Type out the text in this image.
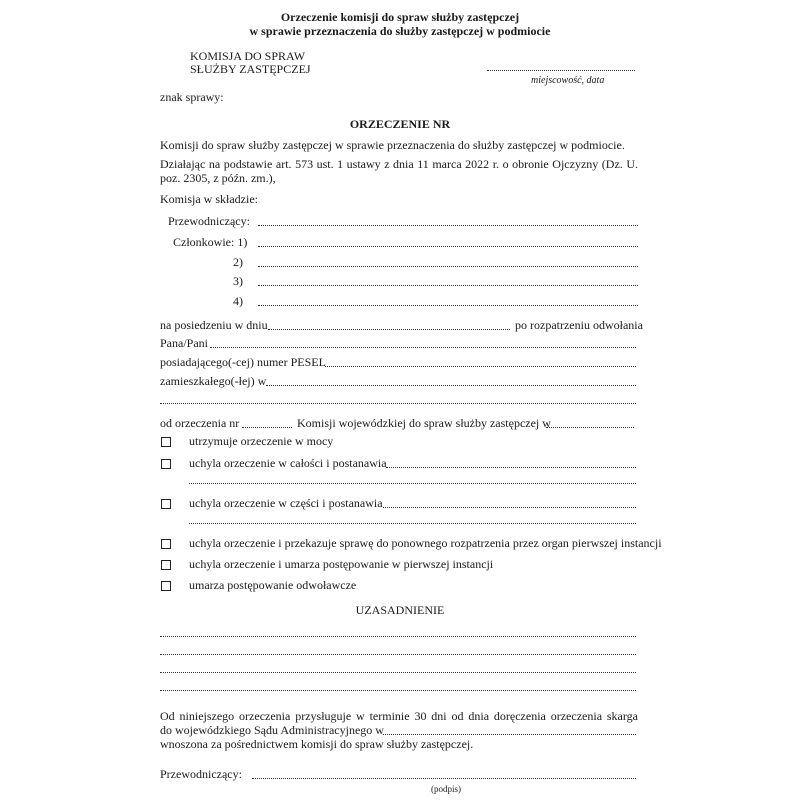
Orzeczenie komisji do spraw służby zastępczej
w sprawie przeznaczenia do służby zastępczej w podmiocie
KOMISJA DO SPRAW
SŁUŻBY ZASTĘPCZEJ
miejscowość, data
znak sprawy:
ORZECZENIE NR
Komisji do spraw służby zastępczej w sprawie przeznaczenia do służby zastępczej w podmiocie.
Działając na podstawie art. 573 ust. 1 ustawy z dnia 11 marca 2022 r. o obronie Ojczyzny (Dz. U.
poz. 2305, z późn. zm.),
Komisja w składzie:
Przewodniczący:
Członkowie: 1)
2)
3)
4)
na posiedzeniu w dniu	po rozpatrzeniu odwołania
Pana/Pani
posiadającego(-cej) numer PESEL
zamieszkałego(-łej) w
od orzeczenia nr	Komisji wojewódzkiej do spraw służby zastępczej w
utrzymuje orzeczenie w mocy
uchyla orzeczenie w całości i postanawia
uchyla orzeczenie w części i postanawia
uchyla orzeczenie i przekazuje sprawę do ponownego rozpatrzenia przez organ pierwszej instancji
uchyla orzeczenie i umarza postępowanie w pierwszej instancji
umarza postępowanie odwoławcze
UZASADNIENIE
Od niniejszego orzeczenia przysługuje w terminie 30 dni od dnia doręczenia orzeczenia skarga
do wojewódzkiego Sądu Administracyjnego w
wnoszona za pośrednictwem komisji do spraw służby zastępczej.
Przewodniczący:
(podpis)
